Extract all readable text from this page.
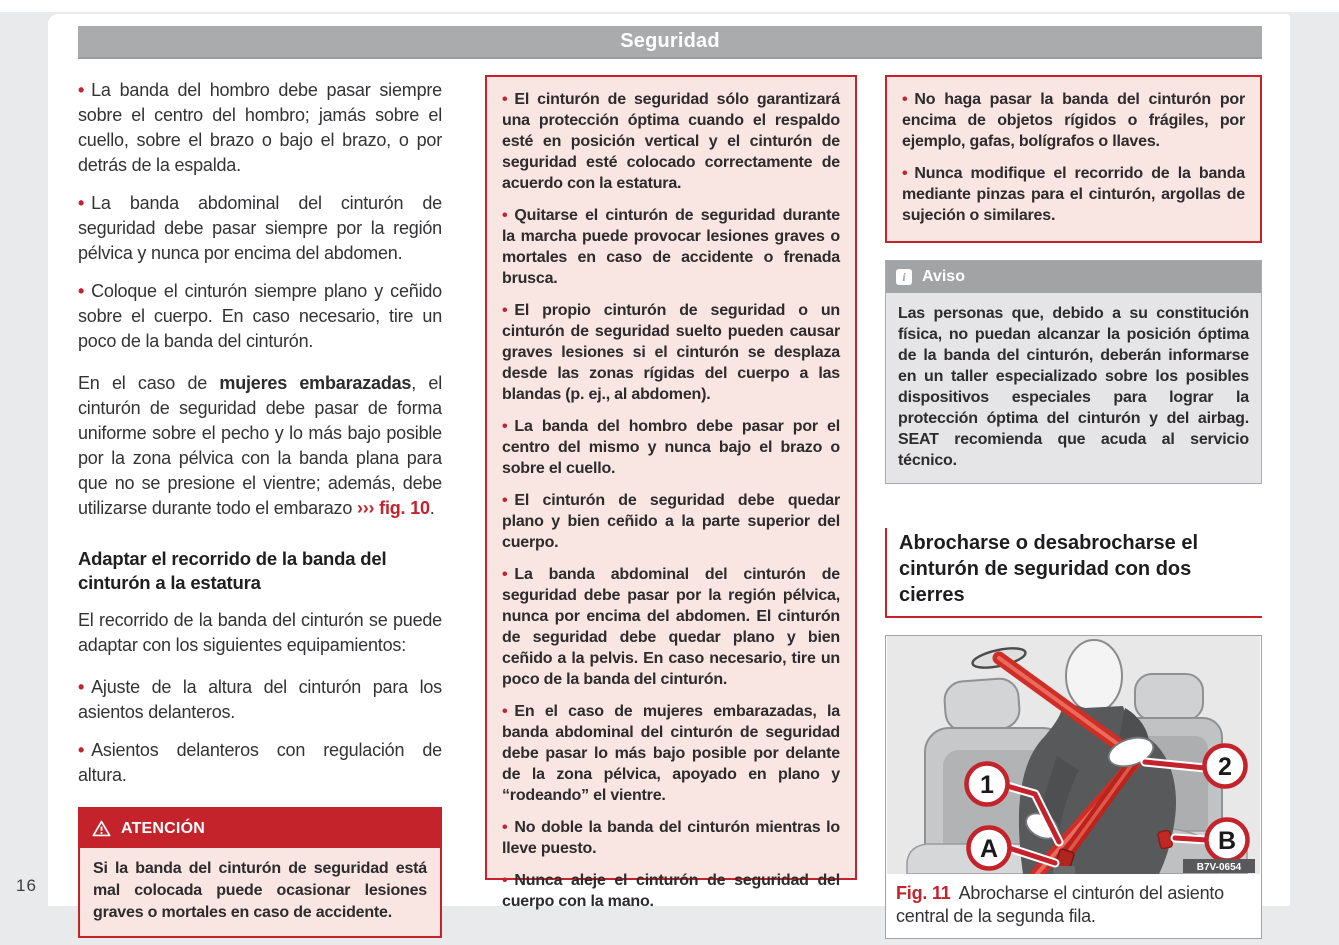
Seguridad

• La banda del hombro debe pasar siempre sobre el centro del hombro; jamás sobre el cuello, sobre el brazo o bajo el brazo, o por detrás de la espalda.

• La banda abdominal del cinturón de seguridad debe pasar siempre por la región pélvica y nunca por encima del abdomen.

• Coloque el cinturón siempre plano y ceñido sobre el cuerpo. En caso necesario, tire un poco de la banda del cinturón.

En el caso de mujeres embarazadas, el cinturón de seguridad debe pasar de forma uniforme sobre el pecho y lo más bajo posible por la zona pélvica con la banda plana para que no se presione el vientre; además, debe utilizarse durante todo el embarazo ››› fig. 10.

Adaptar el recorrido de la banda del cinturón a la estatura

El recorrido de la banda del cinturón se puede adaptar con los siguientes equipamientos:

• Ajuste de la altura del cinturón para los asientos delanteros.

• Asientos delanteros con regulación de altura.

ATENCIÓN

Si la banda del cinturón de seguridad está mal colocada puede ocasionar lesiones graves o mortales en caso de accidente.

• El cinturón de seguridad sólo garantizará una protección óptima cuando el respaldo esté en posición vertical y el cinturón de seguridad esté colocado correctamente de acuerdo con la estatura.

• Quitarse el cinturón de seguridad durante la marcha puede provocar lesiones graves o mortales en caso de accidente o frenada brusca.

• El propio cinturón de seguridad o un cinturón de seguridad suelto pueden causar graves lesiones si el cinturón se desplaza desde las zonas rígidas del cuerpo a las blandas (p. ej., al abdomen).

• La banda del hombro debe pasar por el centro del mismo y nunca bajo el brazo o sobre el cuello.

• El cinturón de seguridad debe quedar plano y bien ceñido a la parte superior del cuerpo.

• La banda abdominal del cinturón de seguridad debe pasar por la región pélvica, nunca por encima del abdomen. El cinturón de seguridad debe quedar plano y bien ceñido a la pelvis. En caso necesario, tire un poco de la banda del cinturón.

• En el caso de mujeres embarazadas, la banda abdominal del cinturón de seguridad debe pasar lo más bajo posible por delante de la zona pélvica, apoyado en plano y “rodeando” el vientre.

• No doble la banda del cinturón mientras lo lleve puesto.

• Nunca aleje el cinturón de seguridad del cuerpo con la mano.

• No haga pasar la banda del cinturón por encima de objetos rígidos o frágiles, por ejemplo, gafas, bolígrafos o llaves.

• Nunca modifique el recorrido de la banda mediante pinzas para el cinturón, argollas de sujeción o similares.

i	Aviso
Las personas que, debido a su constitución física, no puedan alcanzar la posición óptima de la banda del cinturón, deberán informarse en un taller especializado sobre los posibles dispositivos especiales para lograr la protección óptima del cinturón y del airbag. SEAT recomienda que acuda al servicio técnico.
Abrocharse o desabrocharse el cinturón de seguridad con dos cierres
1
2
A	B
B7V-0654
Fig. 11 Abrocharse el cinturón del asiento central de la segunda fila.
16
